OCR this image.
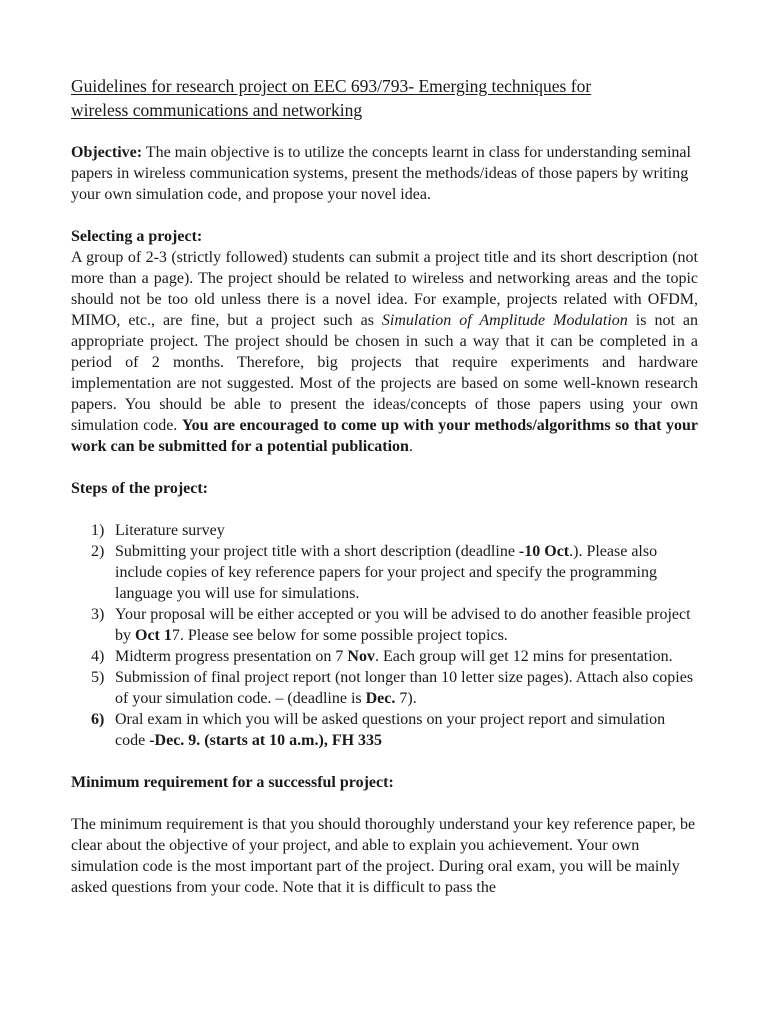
Guidelines for research project on EEC 693/793- Emerging techniques for
wireless communications and networking

Objective: The main objective is to utilize the concepts learnt in class for understanding seminal papers in wireless communication systems, present the methods/ideas of those papers by writing your own simulation code, and propose your novel idea.

Selecting a project:

A group of 2-3 (strictly followed) students can submit a project title and its short description (not more than a page). The project should be related to wireless and networking areas and the topic should not be too old unless there is a novel idea. For example, projects related with OFDM, MIMO, etc., are fine, but a project such as Simulation of Amplitude Modulation is not an appropriate project. The project should be chosen in such a way that it can be completed in a period of 2 months. Therefore, big projects that require experiments and hardware implementation are not suggested. Most of the projects are based on some well-known research papers. You should be able to present the ideas/concepts of those papers using your own simulation code. You are encouraged to come up with your methods/algorithms so that your work can be submitted for a potential publication.

Steps of the project:

1) Literature survey
2) Submitting your project title with a short description (deadline -10 Oct.). Please also include copies of key reference papers for your project and specify the programming language you will use for simulations.
3) Your proposal will be either accepted or you will be advised to do another feasible project by Oct 17. Please see below for some possible project topics.
4) Midterm progress presentation on 7 Nov. Each group will get 12 mins for presentation.
5) Submission of final project report (not longer than 10 letter size pages). Attach also copies of your simulation code. – (deadline is Dec. 7).
6) Oral exam in which you will be asked questions on your project report and simulation code -Dec. 9. (starts at 10 a.m.), FH 335

Minimum requirement for a successful project:

The minimum requirement is that you should thoroughly understand your key reference paper, be clear about the objective of your project, and able to explain you achievement. Your own simulation code is the most important part of the project. During oral exam, you will be mainly asked questions from your code. Note that it is difficult to pass the
